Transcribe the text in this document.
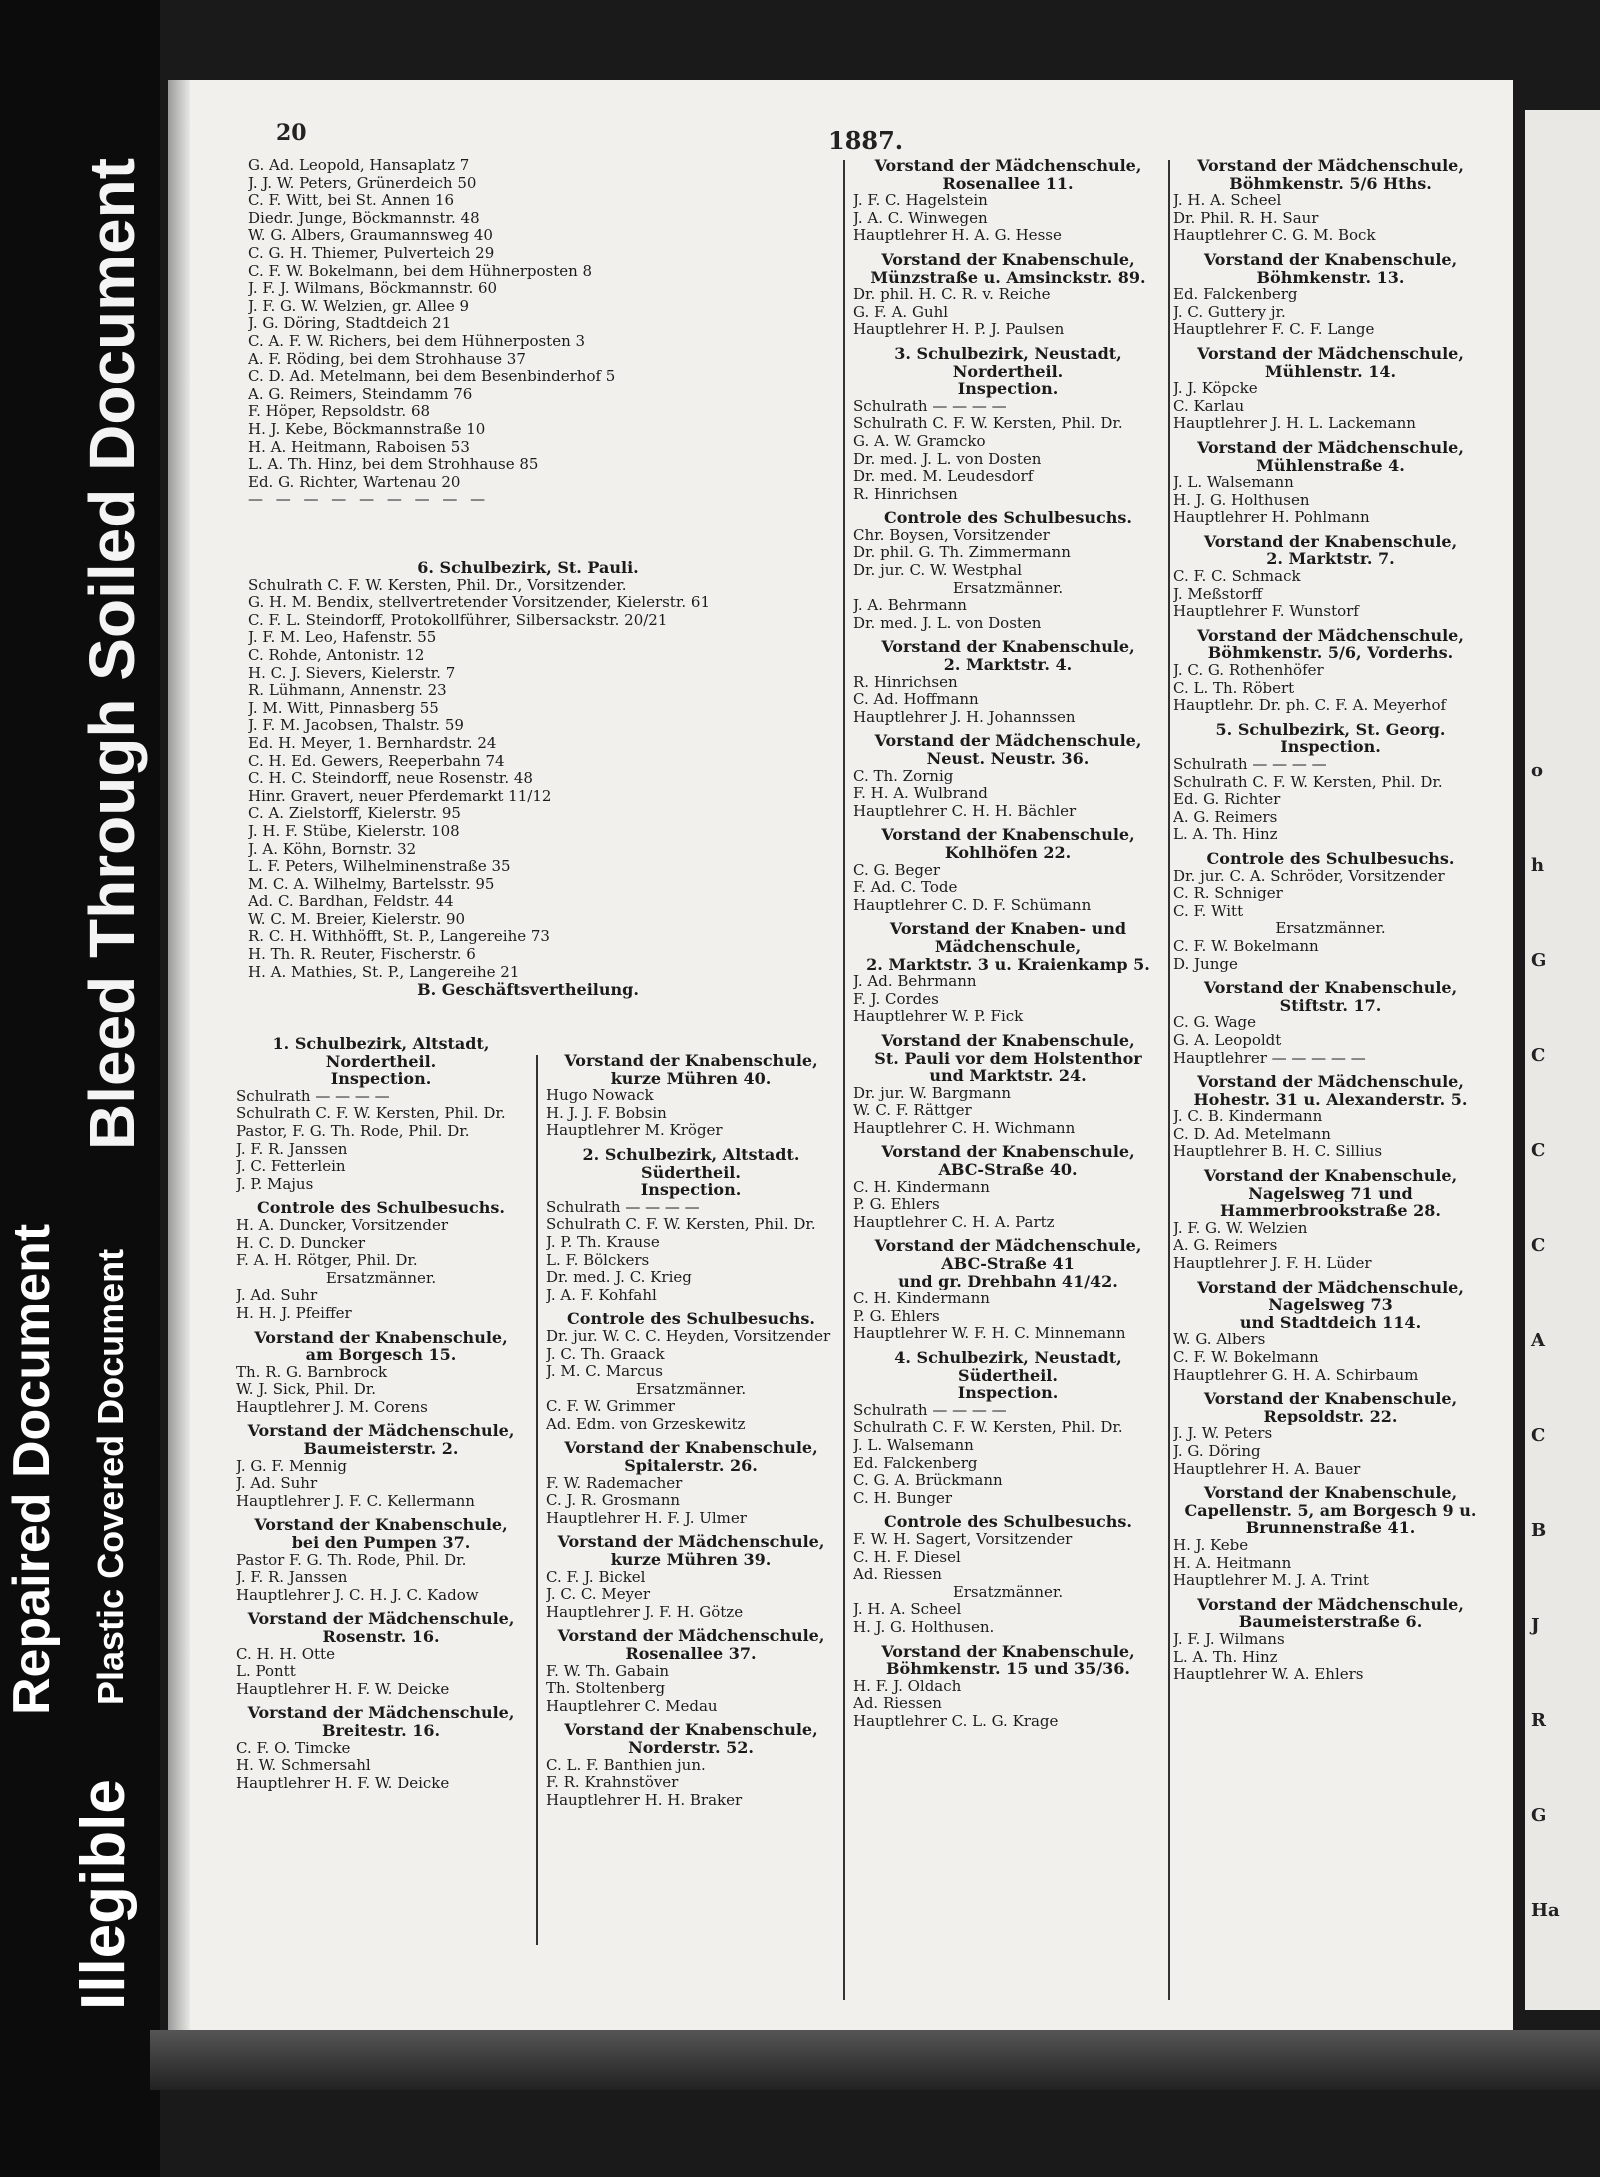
Bleed Through Soiled Document
Illegible
Repaired Document Plastic Covered Document
20	1887.
G. Ad. Leopold, Hansaplatz 7
J. J. W. Peters, Grünerdeich 50
C. F. Witt, bei St. Annen 16
Diedr. Junge, Böckmannstr. 48
W. G. Albers, Graumannsweg 40
C. G. H. Thiemer, Pulverteich 29
C. F. W. Bokelmann, bei dem Hühnerposten 8
J. F. J. Wilmans, Böckmannstr. 60
J. F. G. W. Welzien, gr. Allee 9
J. G. Döring, Stadtdeich 21
C. A. F. W. Richers, bei dem Hühnerposten 3
A. F. Röding, bei dem Strohhause 37
C. D. Ad. Metelmann, bei dem Besenbinderhof 5
A. G. Reimers, Steindamm 76
F. Höper, Repsoldstr. 68
H. J. Kebe, Böckmannstraße 10
H. A. Heitmann, Raboisen 53
L. A. Th. Hinz, bei dem Strohhause 85
Ed. G. Richter, Wartenau 20
— — — — — — — — —
6. Schulbezirk, St. Pauli.
Schulrath C. F. W. Kersten, Phil. Dr., Vorsitzender.
G. H. M. Bendix, stellvertretender Vorsitzender, Kielerstr. 61
C. F. L. Steindorff, Protokollführer, Silbersackstr. 20/21
J. F. M. Leo, Hafenstr. 55
C. Rohde, Antonistr. 12
H. C. J. Sievers, Kielerstr. 7
R. Lühmann, Annenstr. 23
J. M. Witt, Pinnasberg 55
J. F. M. Jacobsen, Thalstr. 59
Ed. H. Meyer, 1. Bernhardstr. 24
C. H. Ed. Gewers, Reeperbahn 74
C. H. C. Steindorff, neue Rosenstr. 48
Hinr. Gravert, neuer Pferdemarkt 11/12
C. A. Zielstorff, Kielerstr. 95
J. H. F. Stübe, Kielerstr. 108
J. A. Köhn, Bornstr. 32
L. F. Peters, Wilhelminenstraße 35
M. C. A. Wilhelmy, Bartelsstr. 95
Ad. C. Bardhan, Feldstr. 44
W. C. M. Breier, Kielerstr. 90
R. C. H. Withhöfft, St. P., Langereihe 73
H. Th. R. Reuter, Fischerstr. 6
H. A. Mathies, St. P., Langereihe 21
B. Geschäftsvertheilung.
1. Schulbezirk, Altstadt,
Nordertheil.
Inspection.
Schulrath — — — —
Schulrath C. F. W. Kersten, Phil. Dr.
Pastor, F. G. Th. Rode, Phil. Dr.
J. F. R. Janssen
J. C. Fetterlein
J. P. Majus
Controle des Schulbesuchs.
H. A. Duncker, Vorsitzender
H. C. D. Duncker
F. A. H. Rötger, Phil. Dr.
Ersatzmänner.
J. Ad. Suhr
H. H. J. Pfeiffer
Vorstand der Knabenschule,
am Borgesch 15.
Th. R. G. Barnbrock
W. J. Sick, Phil. Dr.
Hauptlehrer J. M. Corens
Vorstand der Mädchenschule,
Baumeisterstr. 2.
J. G. F. Mennig
J. Ad. Suhr
Hauptlehrer J. F. C. Kellermann
Vorstand der Knabenschule,
bei den Pumpen 37.
Pastor F. G. Th. Rode, Phil. Dr.
J. F. R. Janssen
Hauptlehrer J. C. H. J. C. Kadow
Vorstand der Mädchenschule,
Rosenstr. 16.
C. H. H. Otte
L. Pontt
Hauptlehrer H. F. W. Deicke
Vorstand der Mädchenschule,
Breitestr. 16.
C. F. O. Timcke
H. W. Schmersahl
Hauptlehrer H. F. W. Deicke
Vorstand der Knabenschule,
kurze Mühren 40.
Hugo Nowack
H. J. J. F. Bobsin
Hauptlehrer M. Kröger
2. Schulbezirk, Altstadt.
Südertheil.
Inspection.
Schulrath — — — —
Schulrath C. F. W. Kersten, Phil. Dr.
J. P. Th. Krause
L. F. Bölckers
Dr. med. J. C. Krieg
J. A. F. Kohfahl
Controle des Schulbesuchs.
Dr. jur. W. C. C. Heyden, Vorsitzender
J. C. Th. Graack
J. M. C. Marcus
Ersatzmänner.
C. F. W. Grimmer
Ad. Edm. von Grzeskewitz
Vorstand der Knabenschule,
Spitalerstr. 26.
F. W. Rademacher
C. J. R. Grosmann
Hauptlehrer H. F. J. Ulmer
Vorstand der Mädchenschule,
kurze Mühren 39.
C. F. J. Bickel
J. C. C. Meyer
Hauptlehrer J. F. H. Götze
Vorstand der Mädchenschule,
Rosenallee 37.
F. W. Th. Gabain
Th. Stoltenberg
Hauptlehrer C. Medau
Vorstand der Knabenschule,
Norderstr. 52.
C. L. F. Banthien jun.
F. R. Krahnstöver
Hauptlehrer H. H. Braker
Vorstand der Mädchenschule,
Rosenallee 11.
J. F. C. Hagelstein
J. A. C. Winwegen
Hauptlehrer H. A. G. Hesse
Vorstand der Knabenschule,
Münzstraße u. Amsinckstr. 89.
Dr. phil. H. C. R. v. Reiche
G. F. A. Guhl
Hauptlehrer H. P. J. Paulsen
3. Schulbezirk, Neustadt,
Nordertheil.
Inspection.
Schulrath — — — —
Schulrath C. F. W. Kersten, Phil. Dr.
G. A. W. Gramcko
Dr. med. J. L. von Dosten
Dr. med. M. Leudesdorf
R. Hinrichsen
Controle des Schulbesuchs.
Chr. Boysen, Vorsitzender
Dr. phil. G. Th. Zimmermann
Dr. jur. C. W. Westphal
Ersatzmänner.
J. A. Behrmann
Dr. med. J. L. von Dosten
Vorstand der Knabenschule,
2. Marktstr. 4.
R. Hinrichsen
C. Ad. Hoffmann
Hauptlehrer J. H. Johannssen
Vorstand der Mädchenschule,
Neust. Neustr. 36.
C. Th. Zornig
F. H. A. Wulbrand
Hauptlehrer C. H. H. Bächler
Vorstand der Knabenschule,
Kohlhöfen 22.
C. G. Beger
F. Ad. C. Tode
Hauptlehrer C. D. F. Schümann
Vorstand der Knaben- und
Mädchenschule,
2. Marktstr. 3 u. Kraienkamp 5.
J. Ad. Behrmann
F. J. Cordes
Hauptlehrer W. P. Fick
Vorstand der Knabenschule,
St. Pauli vor dem Holstenthor
und Marktstr. 24.
Dr. jur. W. Bargmann
W. C. F. Rättger
Hauptlehrer C. H. Wichmann
Vorstand der Knabenschule,
ABC-Straße 40.
C. H. Kindermann
P. G. Ehlers
Hauptlehrer C. H. A. Partz
Vorstand der Mädchenschule,
ABC-Straße 41
und gr. Drehbahn 41/42.
C. H. Kindermann
P. G. Ehlers
Hauptlehrer W. F. H. C. Minnemann
4. Schulbezirk, Neustadt,
Südertheil.
Inspection.
Schulrath — — — —
Schulrath C. F. W. Kersten, Phil. Dr.
J. L. Walsemann
Ed. Falckenberg
C. G. A. Brückmann
C. H. Bunger
Controle des Schulbesuchs.
F. W. H. Sagert, Vorsitzender
C. H. F. Diesel
Ad. Riessen
Ersatzmänner.
J. H. A. Scheel
H. J. G. Holthusen.
Vorstand der Knabenschule,
Böhmkenstr. 15 und 35/36.
H. F. J. Oldach
Ad. Riessen
Hauptlehrer C. L. G. Krage
Vorstand der Mädchenschule,
Böhmkenstr. 5/6 Hths.
J. H. A. Scheel
Dr. Phil. R. H. Saur
Hauptlehrer C. G. M. Bock
Vorstand der Knabenschule,
Böhmkenstr. 13.
Ed. Falckenberg
J. C. Guttery jr.
Hauptlehrer F. C. F. Lange
Vorstand der Mädchenschule,
Mühlenstr. 14.
J. J. Köpcke
C. Karlau
Hauptlehrer J. H. L. Lackemann
Vorstand der Mädchenschule,
Mühlenstraße 4.
J. L. Walsemann
H. J. G. Holthusen
Hauptlehrer H. Pohlmann
Vorstand der Knabenschule,
2. Marktstr. 7.
C. F. C. Schmack
J. Meßstorff
Hauptlehrer F. Wunstorf
Vorstand der Mädchenschule,
Böhmkenstr. 5/6, Vorderhs.
J. C. G. Rothenhöfer
C. L. Th. Röbert
Hauptlehr. Dr. ph. C. F. A. Meyerhof
5. Schulbezirk, St. Georg.
Inspection.
Schulrath — — — —
Schulrath C. F. W. Kersten, Phil. Dr.
Ed. G. Richter
A. G. Reimers
L. A. Th. Hinz
Controle des Schulbesuchs.
Dr. jur. C. A. Schröder, Vorsitzender
C. R. Schniger
C. F. Witt
Ersatzmänner.
C. F. W. Bokelmann
D. Junge
Vorstand der Knabenschule,
Stiftstr. 17.
C. G. Wage
G. A. Leopoldt
Hauptlehrer — — — — —
Vorstand der Mädchenschule,
Hohestr. 31 u. Alexanderstr. 5.
J. C. B. Kindermann
C. D. Ad. Metelmann
Hauptlehrer B. H. C. Sillius
Vorstand der Knabenschule,
Nagelsweg 71 und
Hammerbrookstraße 28.
J. F. G. W. Welzien
A. G. Reimers
Hauptlehrer J. F. H. Lüder
Vorstand der Mädchenschule,
Nagelsweg 73
und Stadtdeich 114.
W. G. Albers
C. F. W. Bokelmann
Hauptlehrer G. H. A. Schirbaum
Vorstand der Knabenschule,
Repsoldstr. 22.
J. J. W. Peters
J. G. Döring
Hauptlehrer H. A. Bauer
Vorstand der Knabenschule,
Capellenstr. 5, am Borgesch 9 u.
Brunnenstraße 41.
H. J. Kebe
H. A. Heitmann
Hauptlehrer M. J. A. Trint
Vorstand der Mädchenschule,
Baumeisterstraße 6.
J. F. J. Wilmans
L. A. Th. Hinz
Hauptlehrer W. A. Ehlers
o
h
G
C
C
C
A
C
B
J
R
G
Ha
